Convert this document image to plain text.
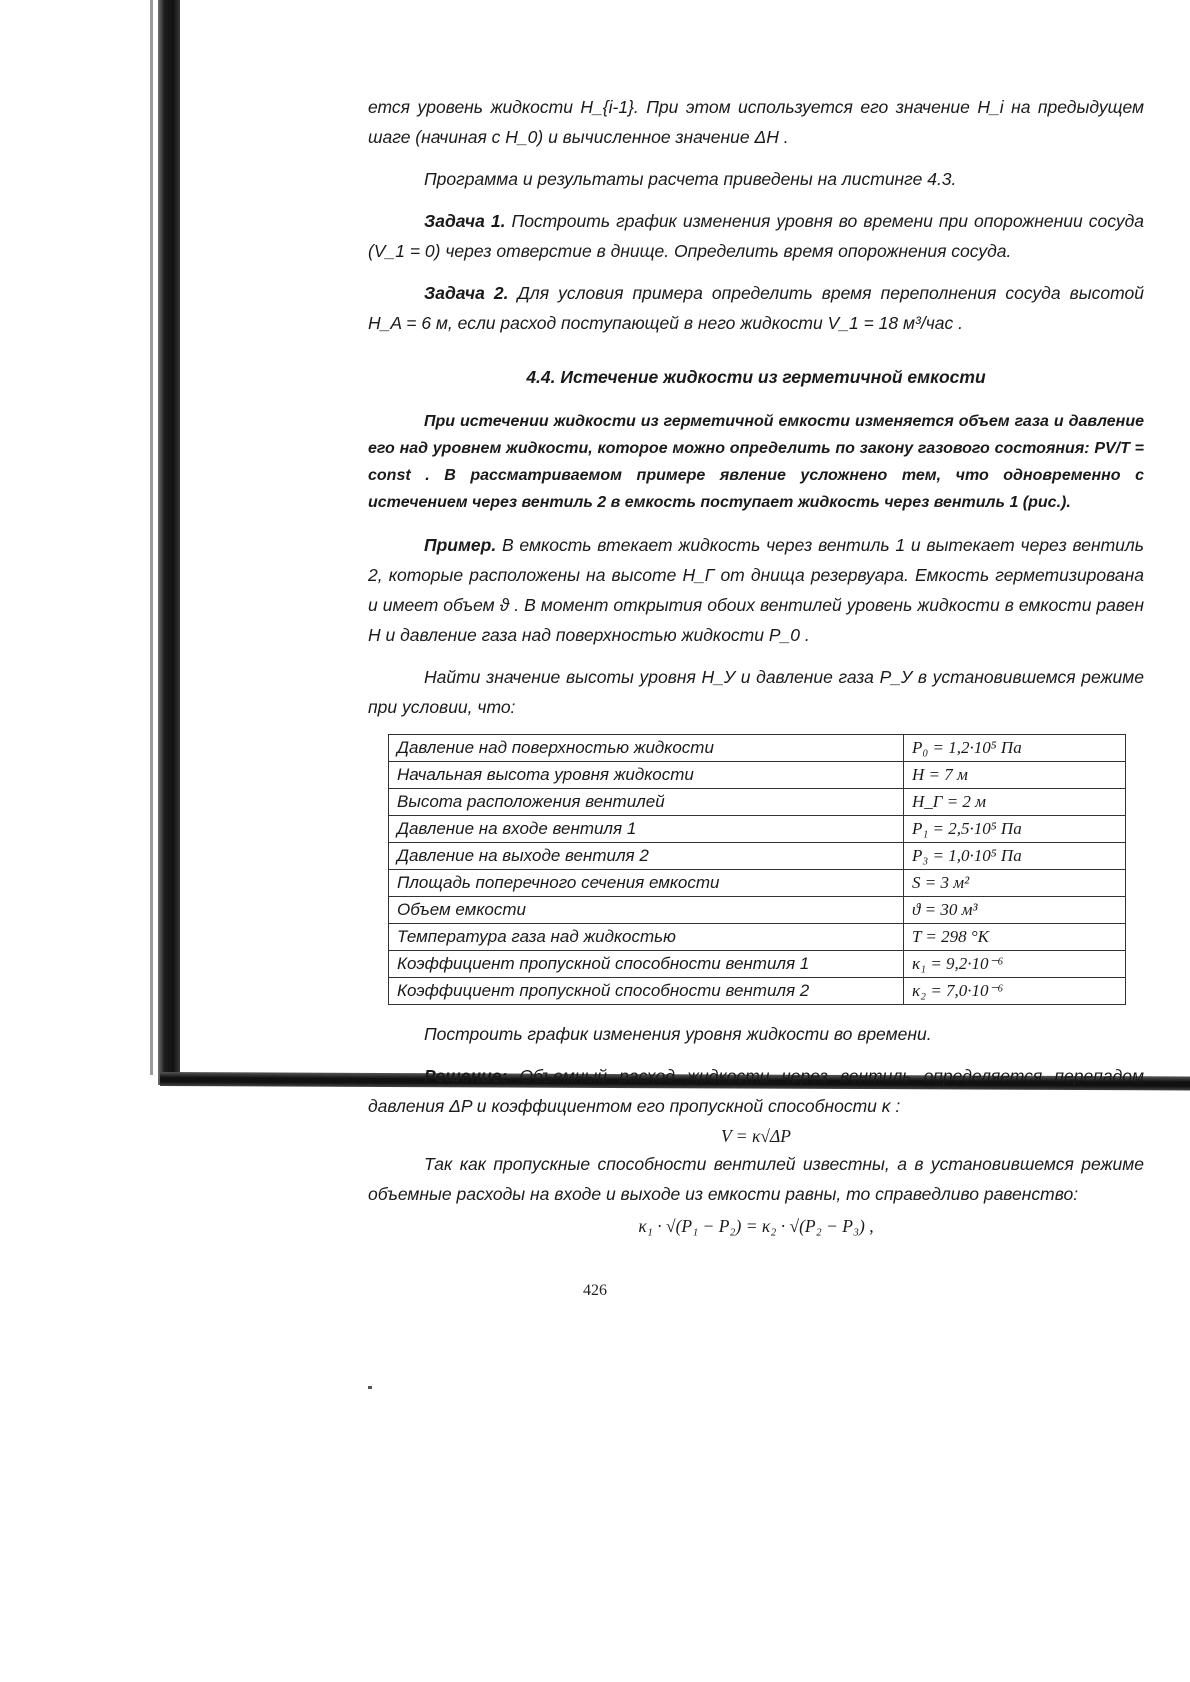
ется уровень жидкости H_{i-1}. При этом используется его значение H_i на предыдущем шаге (начиная с H_0) и вычисленное значение ΔH .

Программа и результаты расчета приведены на листинге 4.3.

Задача 1. Построить график изменения уровня во времени при опорожнении сосуда (V_1 = 0) через отверстие в днище. Определить время опорожнения сосуда.

Задача 2. Для условия примера определить время переполнения сосуда высотой H_A = 6 м, если расход поступающей в него жидкости V_1 = 18 м³/час .

4.4. Истечение жидкости из герметичной емкости

При истечении жидкости из герметичной емкости изменяется объем газа и давление его над уровнем жидкости, которое можно определить по закону газового состояния: PV/T = const . В рассматриваемом примере явление усложнено тем, что одновременно с истечением через вентиль 2 в емкость поступает жидкость через вентиль 1 (рис.).

Пример. В емкость втекает жидкость через вентиль 1 и вытекает через вентиль 2, которые расположены на высоте H_Г от днища резервуара. Емкость герметизирована и имеет объем ϑ . В момент открытия обоих вентилей уровень жидкости в емкости равен H и давление газа над поверхностью жидкости P_0 .

Найти значение высоты уровня H_У и давление газа P_У в установившемся режиме при условии, что:

Давление над поверхностью жидкости	P₀ = 1,2·10⁵ Па
Начальная высота уровня жидкости	H = 7 м
Высота расположения вентилей	H_Г = 2 м
Давление на входе вентиля 1	P₁ = 2,5·10⁵ Па
Давление на выходе вентиля 2	P₃ = 1,0·10⁵ Па
Площадь поперечного сечения емкости	S = 3 м²
Объем емкости	ϑ = 30 м³
Температура газа над жидкостью	T = 298 °K
Коэффициент пропускной способности вентиля 1	κ₁ = 9,2·10⁻⁶
Коэффициент пропускной способности вентиля 2	κ₂ = 7,0·10⁻⁶

Построить график изменения уровня жидкости во времени.

Решение: Объемный расход жидкости через вентиль определяется перепадом давления ΔP и коэффициентом его пропускной способности κ :

V = κ√ΔP

Так как пропускные способности вентилей известны, а в установившемся режиме объемные расходы на входе и выходе из емкости равны, то справедливо равенство:

κ₁ · √(P₁ − P₂) = κ₂ · √(P₂ − P₃) ,

426
